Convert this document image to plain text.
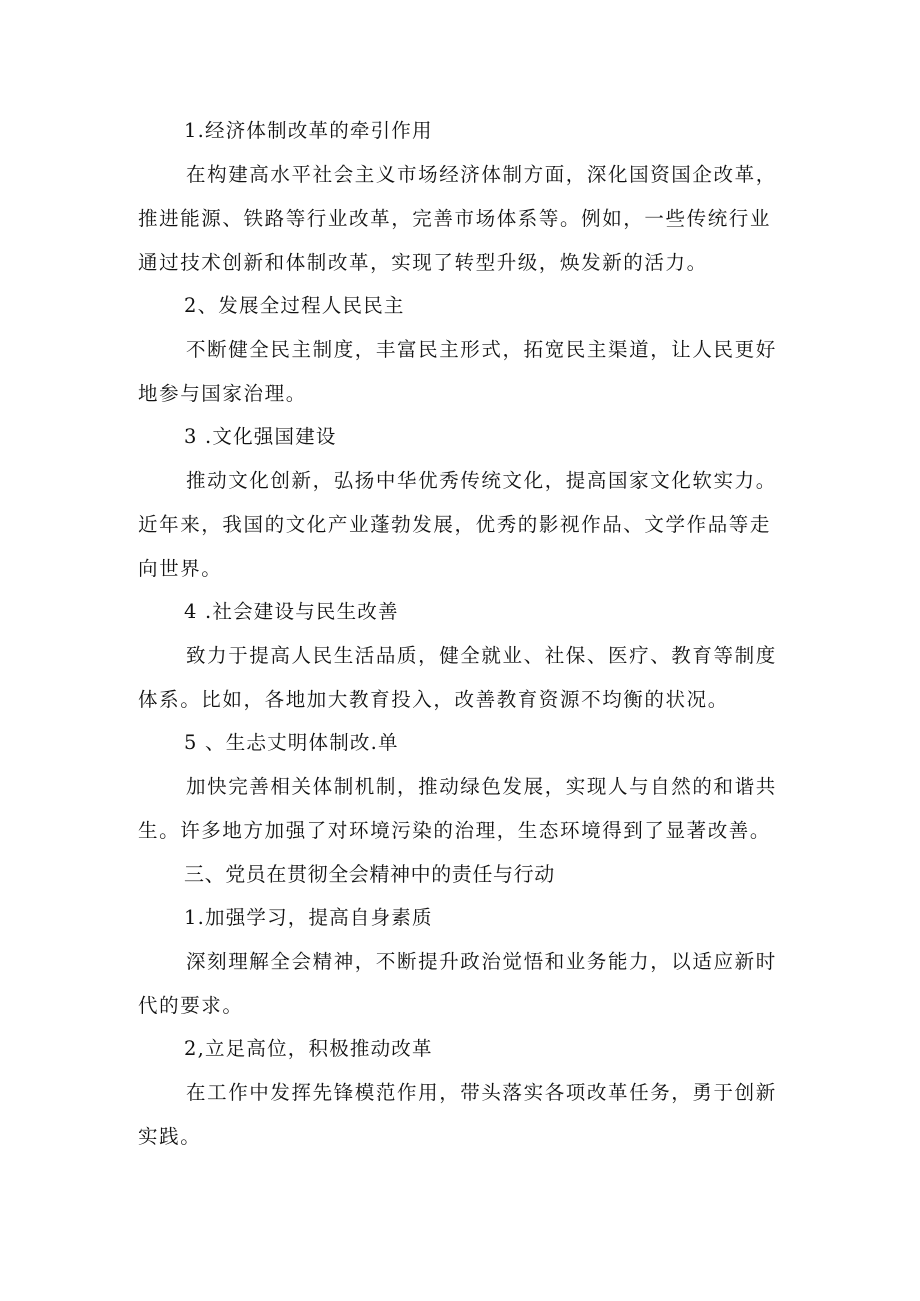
1.经济体制改革的牵引作用

在构建高水平社会主义市场经济体制方面，深化国资国企改革，

推进能源、铁路等行业改革，完善市场体系等。例如，一些传统行业

通过技术创新和体制改革，实现了转型升级，焕发新的活力。

2、发展全过程人民民主

不断健全民主制度，丰富民主形式，拓宽民主渠道，让人民更好

地参与国家治理。

3 .文化强国建设

推动文化创新，弘扬中华优秀传统文化，提高国家文化软实力。

近年来，我国的文化产业蓬勃发展，优秀的影视作品、文学作品等走

向世界。

4 .社会建设与民生改善

致力于提高人民生活品质，健全就业、社保、医疗、教育等制度

体系。比如，各地加大教育投入，改善教育资源不均衡的状况。

5 、生忐丈明体制改.单

加快完善相关体制机制，推动绿色发展，实现人与自然的和谐共

生。许多地方加强了对环境污染的治理，生态环境得到了显著改善。

三、党员在贯彻全会精神中的责任与行动

1.加强学习，提高自身素质

深刻理解全会精神，不断提升政治觉悟和业务能力，以适应新时

代的要求。

2,立足高位，积极推动改革

在工作中发挥先锋模范作用，带头落实各项改革任务，勇于创新

实践。
